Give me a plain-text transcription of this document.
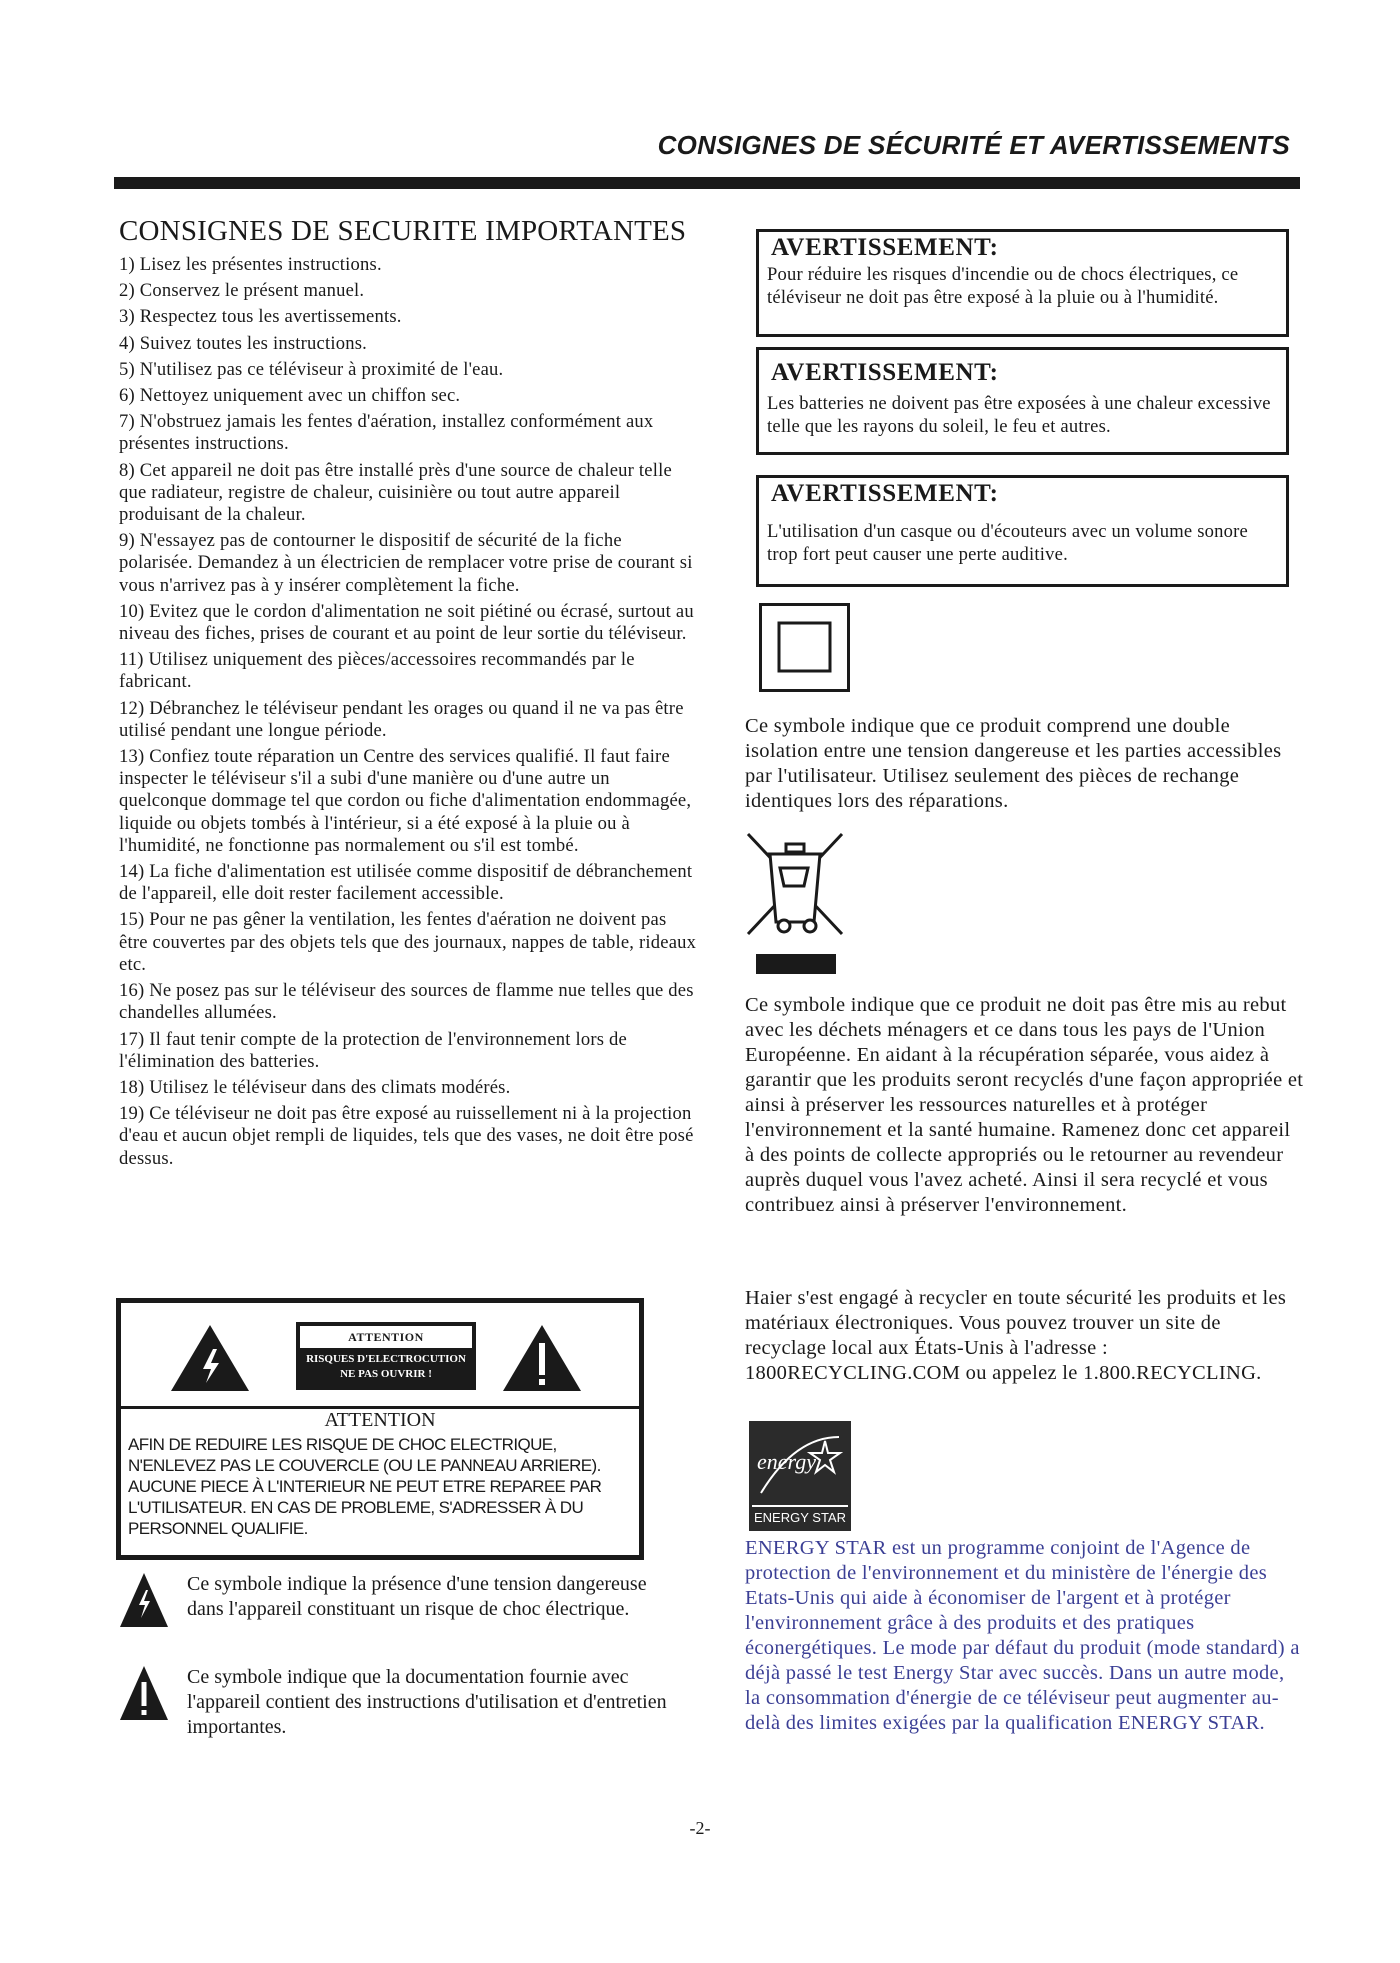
CONSIGNES DE SÉCURITÉ ET AVERTISSEMENTS
CONSIGNES DE SECURITE IMPORTANTES
1) Lisez les présentes instructions.
2) Conservez le présent manuel.
3) Respectez tous les avertissements.
4) Suivez toutes les instructions.
5) N'utilisez pas ce téléviseur à proximité de l'eau.
6) Nettoyez uniquement avec un chiffon sec.
7) N'obstruez jamais les fentes d'aération, installez conformément aux présentes instructions.
8) Cet appareil ne doit pas être installé près d'une source de chaleur telle que radiateur, registre de chaleur, cuisinière ou tout autre appareil produisant de la chaleur.
9) N'essayez pas de contourner le dispositif de sécurité de la fiche polarisée. Demandez à un électricien de remplacer votre prise de courant si vous n'arrivez pas à y insérer complètement la fiche.
10) Evitez que le cordon d'alimentation ne soit piétiné ou écrasé, surtout au niveau des fiches, prises de courant et au point de leur sortie du téléviseur.
11) Utilisez uniquement des pièces/accessoires recommandés par le fabricant.
12) Débranchez le téléviseur pendant les orages ou quand il ne va pas être utilisé pendant une longue période.
13) Confiez toute réparation un Centre des services qualifié. Il faut faire inspecter le téléviseur s'il a subi d'une manière ou d'une autre un quelconque dommage tel que cordon ou fiche d'alimentation endommagée, liquide ou objets tombés à l'intérieur, si a été exposé à la pluie ou à l'humidité, ne fonctionne pas normalement ou s'il est tombé.
14) La fiche d'alimentation est utilisée comme dispositif de débranchement de l'appareil, elle doit rester facilement accessible.
15) Pour ne pas gêner la ventilation, les fentes d'aération ne doivent pas être couvertes par des objets tels que des journaux, nappes de table, rideaux etc.
16) Ne posez pas sur le téléviseur des sources de flamme nue telles que des chandelles allumées.
17) Il faut tenir compte de la protection de l'environnement lors de l'élimination des batteries.
18) Utilisez le téléviseur dans des climats modérés.
19) Ce téléviseur ne doit pas être exposé au ruissellement ni à la projection d'eau et aucun objet rempli de liquides, tels que des vases, ne doit être posé dessus.
ATTENTION
RISQUES D'ELECTROCUTION
NE PAS OUVRIR !
ATTENTION
AFIN DE REDUIRE LES RISQUE DE CHOC ELECTRIQUE, N'ENLEVEZ PAS LE COUVERCLE (OU LE PANNEAU ARRIERE). AUCUNE PIECE À L'INTERIEUR NE PEUT ETRE REPAREE PAR L'UTILISATEUR. EN CAS DE PROBLEME, S'ADRESSER À DU PERSONNEL QUALIFIE.
Ce symbole indique la présence d'une tension dangereuse dans l'appareil constituant un risque de choc électrique.
Ce symbole indique que la documentation fournie avec l'appareil contient des instructions d'utilisation et d'entretien importantes.
AVERTISSEMENT:
Pour réduire les risques d'incendie ou de chocs électriques, ce téléviseur ne doit pas être exposé à la pluie ou à l'humidité.
AVERTISSEMENT:
Les batteries ne doivent pas être exposées à une chaleur excessive telle que les rayons du soleil, le feu et autres.
AVERTISSEMENT:
L'utilisation d'un casque ou d'écouteurs avec un volume sonore trop fort peut causer une perte auditive.
Ce symbole indique que ce produit comprend une double isolation entre une tension dangereuse et les parties accessibles par l'utilisateur. Utilisez seulement des pièces de rechange identiques lors des réparations.
Ce symbole indique que ce produit ne doit pas être mis au rebut avec les déchets ménagers et ce dans tous les pays de l'Union Européenne. En aidant à la récupération séparée, vous aidez à garantir que les produits seront recyclés d'une façon appropriée et ainsi à préserver les ressources naturelles et à protéger l'environnement et la santé humaine. Ramenez donc cet appareil à des points de collecte appropriés ou le retourner au revendeur auprès duquel vous l'avez acheté. Ainsi il sera recyclé et vous contribuez ainsi à préserver l'environnement.
Haier s'est engagé à recycler en toute sécurité les produits et les matériaux électroniques. Vous pouvez trouver un site de recyclage local aux États-Unis à l'adresse : 1800RECYCLING.COM ou appelez le 1.800.RECYCLING.
energy
ENERGY STAR
ENERGY STAR est un programme conjoint de l'Agence de protection de l'environnement et du ministère de l'énergie des Etats-Unis qui aide à économiser de l'argent et à protéger l'environnement grâce à des produits et des pratiques éconergétiques. Le mode par défaut du produit (mode standard) a déjà passé le test Energy Star avec succès. Dans un autre mode, la consommation d'énergie de ce téléviseur peut augmenter au-delà des limites exigées par la qualification ENERGY STAR.
-2-
